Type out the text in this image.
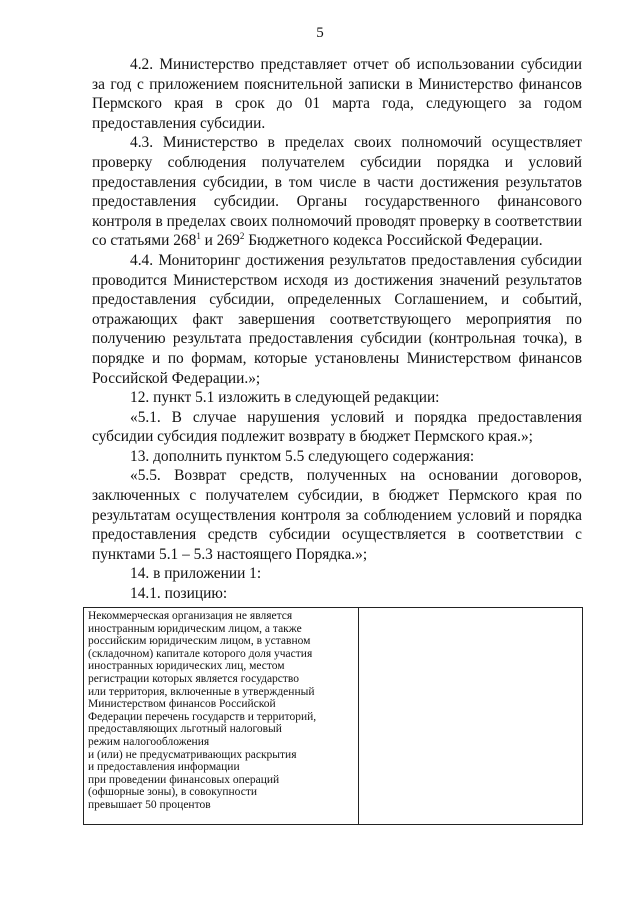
5

4.2. Министерство представляет отчет об использовании субсидии за год с приложением пояснительной записки в Министерство финансов Пермского края в срок до 01 марта года, следующего за годом предоставления субсидии.

4.3. Министерство в пределах своих полномочий осуществляет проверку соблюдения получателем субсидии порядка и условий предоставления субсидии, в том числе в части достижения результатов предоставления субсидии. Органы государственного финансового контроля в пределах своих полномочий проводят проверку в соответствии со статьями $268^1$ и $269^2$ Бюджетного кодекса Российской Федерации.

4.4. Мониторинг достижения результатов предоставления субсидии проводится Министерством исходя из достижения значений результатов предоставления субсидии, определенных Соглашением, и событий, отражающих факт завершения соответствующего мероприятия по получению результата предоставления субсидии (контрольная точка), в порядке и по формам, которые установлены Министерством финансов Российской Федерации.»;

12. пункт 5.1 изложить в следующей редакции:

«5.1. В случае нарушения условий и порядка предоставления субсидии субсидия подлежит возврату в бюджет Пермского края.»;

13. дополнить пунктом 5.5 следующего содержания:

«5.5. Возврат средств, полученных на основании договоров, заключенных с получателем субсидии, в бюджет Пермского края по результатам осуществления контроля за соблюдением условий и порядка предоставления средств субсидии осуществляется в соответствии с пунктами 5.1 – 5.3 настоящего Порядка.»;

14. в приложении 1:

14.1. позицию:

Некоммерческая организация не является
иностранным юридическим лицом, а также
российским юридическим лицом, в уставном
(складочном) капитале которого доля участия
иностранных юридических лиц, местом
регистрации которых является государство
или территория, включенные в утвержденный
Министерством финансов Российской
Федерации перечень государств и территорий,
предоставляющих льготный налоговый
режим налогообложения
и (или) не предусматривающих раскрытия
и предоставления информации
при проведении финансовых операций
(офшорные зоны), в совокупности
превышает 50 процентов
